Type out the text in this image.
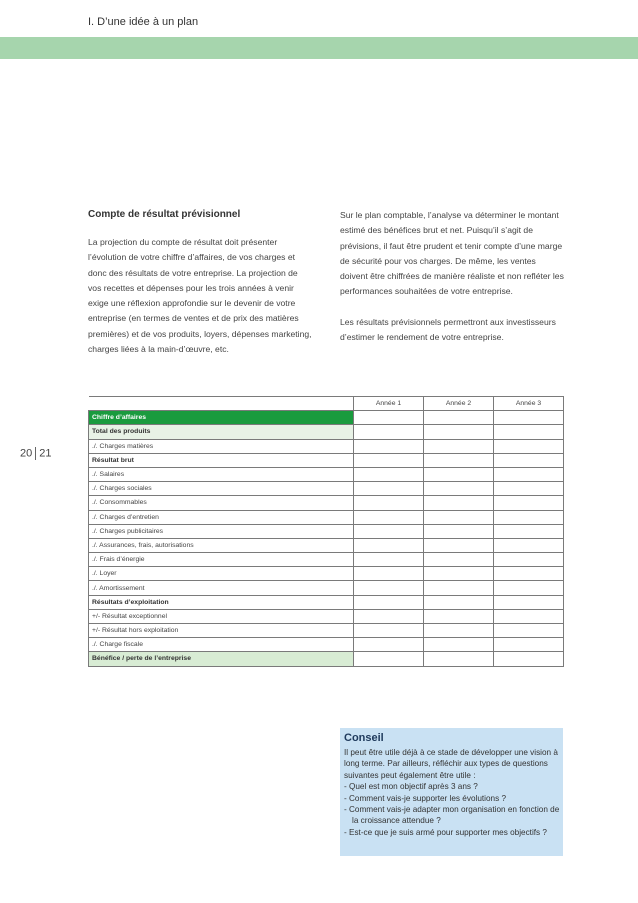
I. D’une idée à un plan
20 21
Compte de résultat prévisionnel

La projection du compte de résultat doit présenter l’évolution de votre chiffre d’affaires, de vos charges et donc des résultats de votre entreprise. La projection de vos recettes et dépenses pour les trois années à venir exige une réflexion approfondie sur le devenir de votre entreprise (en termes de ventes et de prix des matières premières) et de vos produits, loyers, dépenses marketing, charges liées à la main-d’œuvre, etc.

Sur le plan comptable, l’analyse va déterminer le montant estimé des bénéfices brut et net. Puisqu’il s’agit de prévisions, il faut être prudent et tenir compte d’une marge de sécurité pour vos charges. De même, les ventes doivent être chiffrées de manière réaliste et non refléter les performances souhaitées de votre entreprise.

Les résultats prévisionnels permettront aux investisseurs d’estimer le rendement de votre entreprise.

	Année 1	Année 2	Année 3
Chiffre d’affaires			
Total des produits			
./. Charges matières			
Résultat brut			
./. Salaires			
./. Charges sociales			
./. Consommables			
./. Charges d’entretien			
./. Charges publicitaires			
./. Assurances, frais, autorisations			
./. Frais d’énergie			
./. Loyer			
./. Amortissement			
Résultats d’exploitation			
+/- Résultat exceptionnel			
+/- Résultat hors exploitation			
./. Charge fiscale			
Bénéfice / perte de l’entreprise			
Conseil
Il peut être utile déjà à ce stade de développer une vision à long terme. Par ailleurs, réfléchir aux types de questions suivantes peut également être utile :
- Quel est mon objectif après 3 ans ?
- Comment vais-je supporter les évolutions ?
- Comment vais-je adapter mon organisation en fonction de la croissance attendue ?
- Est-ce que je suis armé pour supporter mes objectifs ?
